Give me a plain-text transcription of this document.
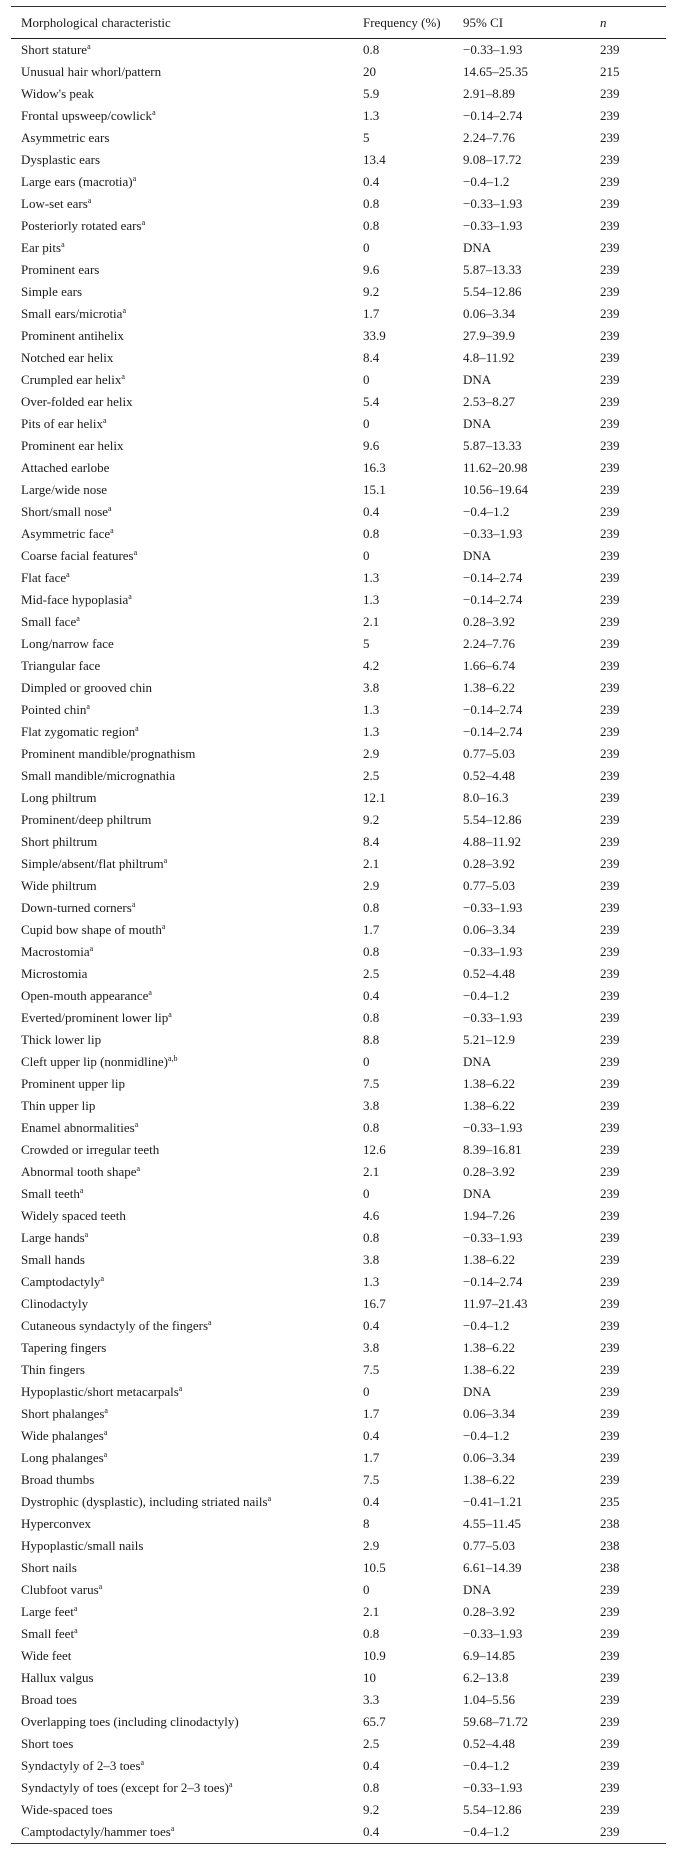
Morphological characteristic	Frequency (%)	95% CI	n
Short stature$^a$	0.8	−0.33–1.93	239
Unusual hair whorl/pattern	20	14.65–25.35	215
Widow's peak	5.9	2.91–8.89	239
Frontal upsweep/cowlick$^a$	1.3	−0.14–2.74	239
Asymmetric ears	5	2.24–7.76	239
Dysplastic ears	13.4	9.08–17.72	239
Large ears (macrotia)$^a$	0.4	−0.4–1.2	239
Low-set ears$^a$	0.8	−0.33–1.93	239
Posteriorly rotated ears$^a$	0.8	−0.33–1.93	239
Ear pits$^a$	0	DNA	239
Prominent ears	9.6	5.87–13.33	239
Simple ears	9.2	5.54–12.86	239
Small ears/microtia$^a$	1.7	0.06–3.34	239
Prominent antihelix	33.9	27.9–39.9	239
Notched ear helix	8.4	4.8–11.92	239
Crumpled ear helix$^a$	0	DNA	239
Over-folded ear helix	5.4	2.53–8.27	239
Pits of ear helix$^a$	0	DNA	239
Prominent ear helix	9.6	5.87–13.33	239
Attached earlobe	16.3	11.62–20.98	239
Large/wide nose	15.1	10.56–19.64	239
Short/small nose$^a$	0.4	−0.4–1.2	239
Asymmetric face$^a$	0.8	−0.33–1.93	239
Coarse facial features$^a$	0	DNA	239
Flat face$^a$	1.3	−0.14–2.74	239
Mid-face hypoplasia$^a$	1.3	−0.14–2.74	239
Small face$^a$	2.1	0.28–3.92	239
Long/narrow face	5	2.24–7.76	239
Triangular face	4.2	1.66–6.74	239
Dimpled or grooved chin	3.8	1.38–6.22	239
Pointed chin$^a$	1.3	−0.14–2.74	239
Flat zygomatic region$^a$	1.3	−0.14–2.74	239
Prominent mandible/prognathism	2.9	0.77–5.03	239
Small mandible/micrognathia	2.5	0.52–4.48	239
Long philtrum	12.1	8.0–16.3	239
Prominent/deep philtrum	9.2	5.54–12.86	239
Short philtrum	8.4	4.88–11.92	239
Simple/absent/flat philtrum$^a$	2.1	0.28–3.92	239
Wide philtrum	2.9	0.77–5.03	239
Down-turned corners$^a$	0.8	−0.33–1.93	239
Cupid bow shape of mouth$^a$	1.7	0.06–3.34	239
Macrostomia$^a$	0.8	−0.33–1.93	239
Microstomia	2.5	0.52–4.48	239
Open-mouth appearance$^a$	0.4	−0.4–1.2	239
Everted/prominent lower lip$^a$	0.8	−0.33–1.93	239
Thick lower lip	8.8	5.21–12.9	239
Cleft upper lip (nonmidline)$^{a,b}$	0	DNA	239
Prominent upper lip	7.5	1.38–6.22	239
Thin upper lip	3.8	1.38–6.22	239
Enamel abnormalities$^a$	0.8	−0.33–1.93	239
Crowded or irregular teeth	12.6	8.39–16.81	239
Abnormal tooth shape$^a$	2.1	0.28–3.92	239
Small teeth$^a$	0	DNA	239
Widely spaced teeth	4.6	1.94–7.26	239
Large hands$^a$	0.8	−0.33–1.93	239
Small hands	3.8	1.38–6.22	239
Camptodactyly$^a$	1.3	−0.14–2.74	239
Clinodactyly	16.7	11.97–21.43	239
Cutaneous syndactyly of the fingers$^a$	0.4	−0.4–1.2	239
Tapering fingers	3.8	1.38–6.22	239
Thin fingers	7.5	1.38–6.22	239
Hypoplastic/short metacarpals$^a$	0	DNA	239
Short phalanges$^a$	1.7	0.06–3.34	239
Wide phalanges$^a$	0.4	−0.4–1.2	239
Long phalanges$^a$	1.7	0.06–3.34	239
Broad thumbs	7.5	1.38–6.22	239
Dystrophic (dysplastic), including striated nails$^a$	0.4	−0.41–1.21	235
Hyperconvex	8	4.55–11.45	238
Hypoplastic/small nails	2.9	0.77–5.03	238
Short nails	10.5	6.61–14.39	238
Clubfoot varus$^a$	0	DNA	239
Large feet$^a$	2.1	0.28–3.92	239
Small feet$^a$	0.8	−0.33–1.93	239
Wide feet	10.9	6.9–14.85	239
Hallux valgus	10	6.2–13.8	239
Broad toes	3.3	1.04–5.56	239
Overlapping toes (including clinodactyly)	65.7	59.68–71.72	239
Short toes	2.5	0.52–4.48	239
Syndactyly of 2–3 toes$^a$	0.4	−0.4–1.2	239
Syndactyly of toes (except for 2–3 toes)$^a$	0.8	−0.33–1.93	239
Wide-spaced toes	9.2	5.54–12.86	239
Camptodactyly/hammer toes$^a$	0.4	−0.4–1.2	239
